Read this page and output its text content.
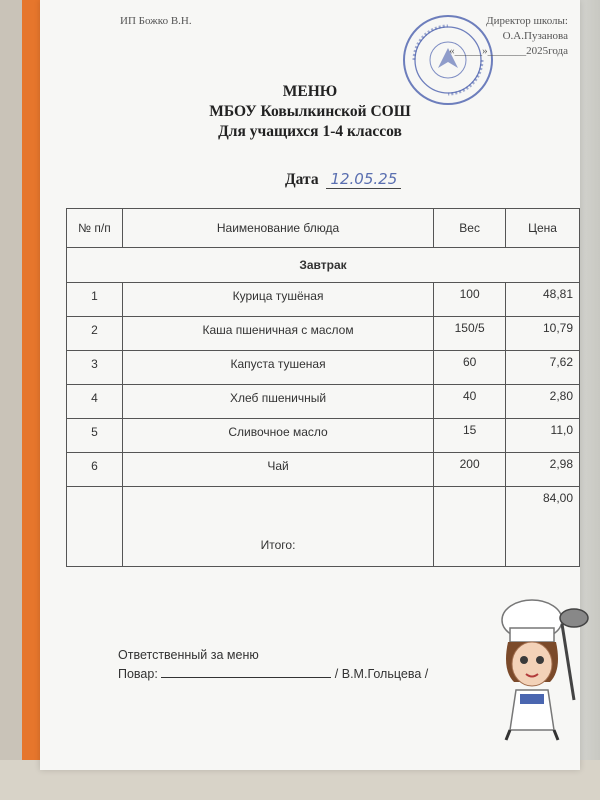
ИП Божко В.Н.	Директор школы:
О.А.Пузанова
«_____»_______2025года
МЕНЮ
МБОУ Ковылкинской СОШ
Для учащихся 1-4 классов
Дата 12.05.25
№ п/п	Наименование блюда	Вес	Цена
Завтрак			
1	Курица тушёная	100	48,81
2	Каша пшеничная с маслом	150/5	10,79
3	Капуста тушеная	60	7,62
4	Хлеб пшеничный	40	2,80
5	Сливочное масло	15	11,0
6	Чай	200	2,98
	Итого:		84,00
Ответственный за меню
Повар:	/ В.М.Гольцева /
